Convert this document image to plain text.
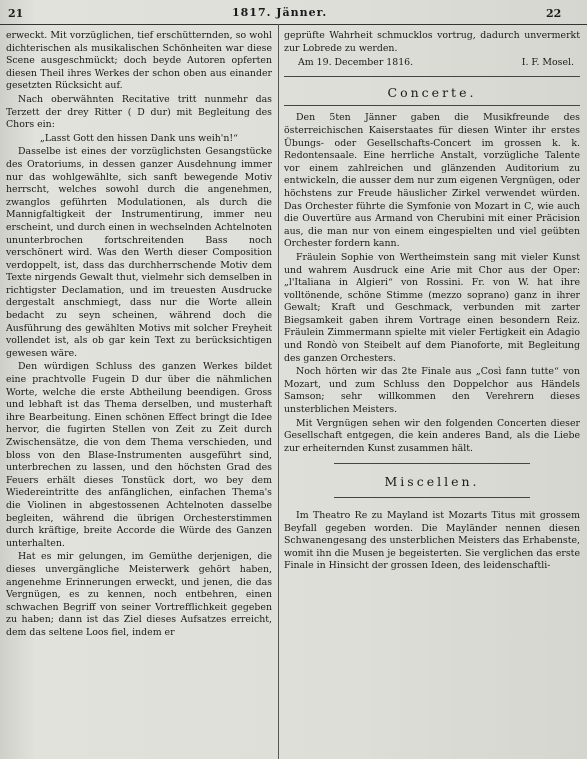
21	1817. Jänner.	22

erweckt. Mit vorzüglichen, tief erschütternden, so wohl dichterischen als musikalischen Schönheiten war diese Scene ausgeschmückt; doch beyde Autoren opferten diesen Theil ihres Werkes der schon oben aus einander gesetzten Rücksicht auf.

Nach oberwähnten Recitative tritt nunmehr das Terzett der drey Ritter ( D dur) mit Begleitung des Chors ein:

„Lasst Gott den hissen Dank uns weih'n!“

Dasselbe ist eines der vorzüglichsten Gesangstücke des Oratoriums, in dessen ganzer Ausdehnung immer nur das wohlgewählte, sich sanft bewegende Motiv herrscht, welches sowohl durch die angenehmen, zwanglos geführten Modulationen, als durch die Mannigfaltigkeit der Instrumentirung, immer neu erscheint, und durch einen in wechselnden Achtelnoten ununterbrochen fortschreitenden Bass noch verschönert wird. Was den Werth dieser Composition verdoppelt, ist, dass das durchherrschende Motiv dem Texte nirgends Gewalt thut, vielmehr sich demselben in richtigster Declamation, und im treuesten Ausdrucke dergestalt anschmiegt, dass nur die Worte allein bedacht zu seyn scheinen, während doch die Ausführung des gewählten Motivs mit solcher Freyheit vollendet ist, als ob gar kein Text zu berücksichtigen gewesen wäre.

Den würdigen Schluss des ganzen Werkes bildet eine prachtvolle Fugein D dur über die nähmlichen Worte, welche die erste Abtheilung beendigen. Gross und lebhaft ist das Thema derselben, und musterhaft ihre Bearbeitung. Einen schönen Effect bringt die Idee hervor, die fugirten Stellen von Zeit zu Zeit durch Zwischensätze, die von dem Thema verschieden, und bloss von den Blase-Instrumenten ausgeführt sind, unterbrechen zu lassen, und den höchsten Grad des Feuers erhält dieses Tonstück dort, wo bey dem Wiedereintritte des anfänglichen, einfachen Thema's die Violinen in abgestossenen Achtelnoten dasselbe begleiten, während die übrigen Orchesterstimmen durch kräftige, breite Accorde die Würde des Ganzen unterhalten.

Hat es mir gelungen, im Gemüthe derjenigen, die dieses unvergängliche Meisterwerk gehört haben, angenehme Erinnerungen erweckt, und jenen, die das Vergnügen, es zu kennen, noch entbehren, einen schwachen Begriff von seiner Vortrefflichkeit gegeben zu haben; dann ist das Ziel dieses Aufsatzes erreicht, dem das seltene Loos fiel, indem er

geprüfte Wahrheit schmucklos vortrug, dadurch unvermerkt zur Lobrede zu werden.

Am 19. December 1816.	I. F. Mosel.
Concerte.

Den 5ten Jänner gaben die Musikfreunde des österreichischen Kaiserstaates für diesen Winter ihr erstes Übungs- oder Gesellschafts-Concert im grossen k. k. Redontensaale. Eine herrliche Anstalt, vorzügliche Talente vor einem zahlreichen und glänzenden Auditorium zu entwickeln, die ausser dem nur zum eigenen Vergnügen, oder höchstens zur Freude häuslicher Zirkel verwendet würden. Das Orchester führte die Symfonie von Mozart in C, wie auch die Ouvertüre aus Armand von Cherubini mit einer Präcision aus, die man nur von einem eingespielten und viel geübten Orchester fordern kann.

Fräulein Sophie von Wertheimstein sang mit vieler Kunst und wahrem Ausdruck eine Arie mit Chor aus der Oper: „l'Italiana in Algieri“ von Rossini. Fr. von W. hat ihre volltönende, schöne Stimme (mezzo soprano) ganz in ihrer Gewalt; Kraft und Geschmack, verbunden mit zarter Biegsamkeit gaben ihrem Vortrage einen besondern Reiz. Fräulein Zimmermann spielte mit vieler Fertigkeit ein Adagio und Rondò von Steibelt auf dem Pianoforte, mit Begleitung des ganzen Orchesters.

Noch hörten wir das 2te Finale aus „Così fann tutte“ von Mozart, und zum Schluss den Doppelchor aus Händels Samson; sehr willkommen den Verehrern dieses unsterblichen Meisters.

Mit Vergnügen sehen wir den folgenden Concerten dieser Gesellschaft entgegen, die kein anderes Band, als die Liebe zur erheiternden Kunst zusammen hält.

Miscellen.

Im Theatro Re zu Mayland ist Mozarts Titus mit grossem Beyfall gegeben worden. Die Mayländer nennen diesen Schwanengesang des unsterblichen Meisters das Erhabenste, womit ihn die Musen je begeisterten. Sie verglichen das erste Finale in Hinsicht der grossen Ideen, des leidenschaftli-
